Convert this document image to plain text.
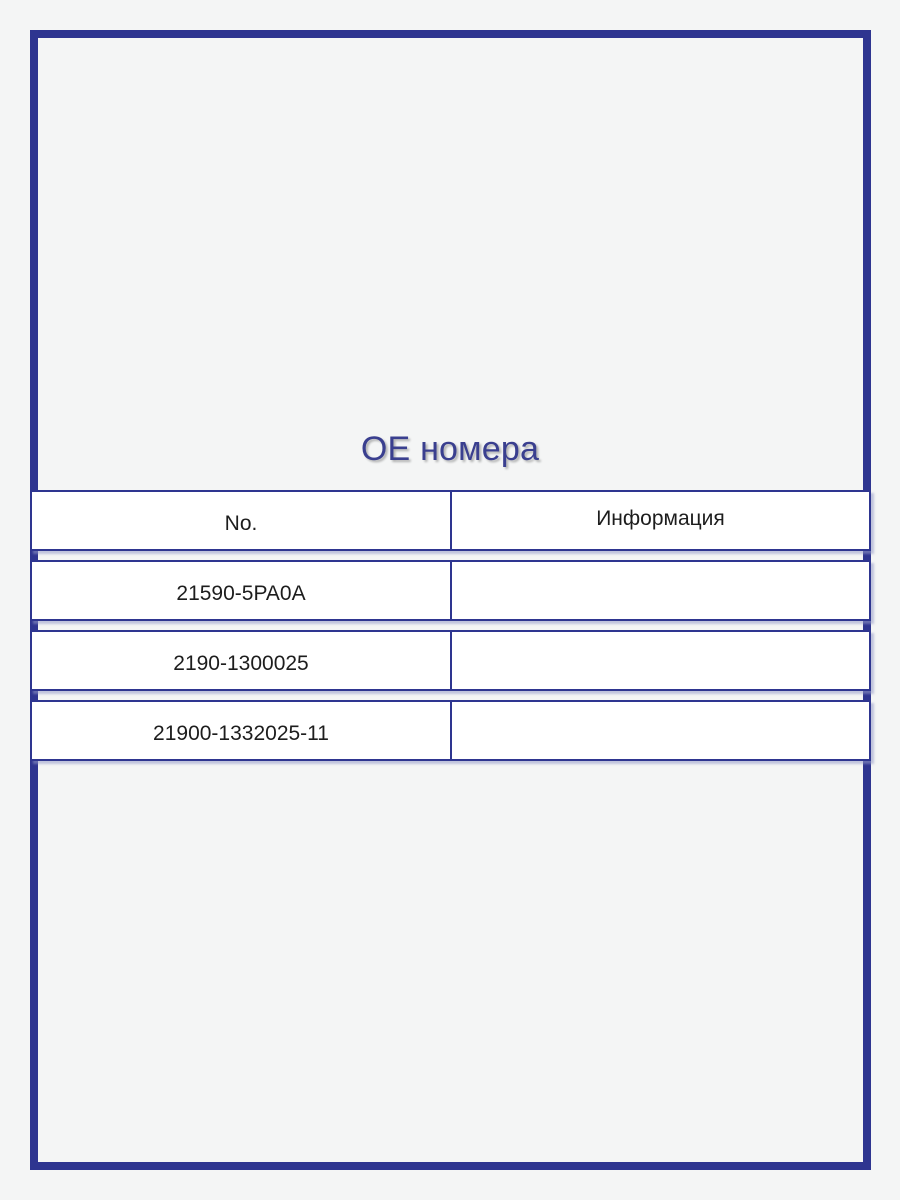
OE номера
No.	Информация
21590-5PA0A
2190-1300025
21900-1332025-11
